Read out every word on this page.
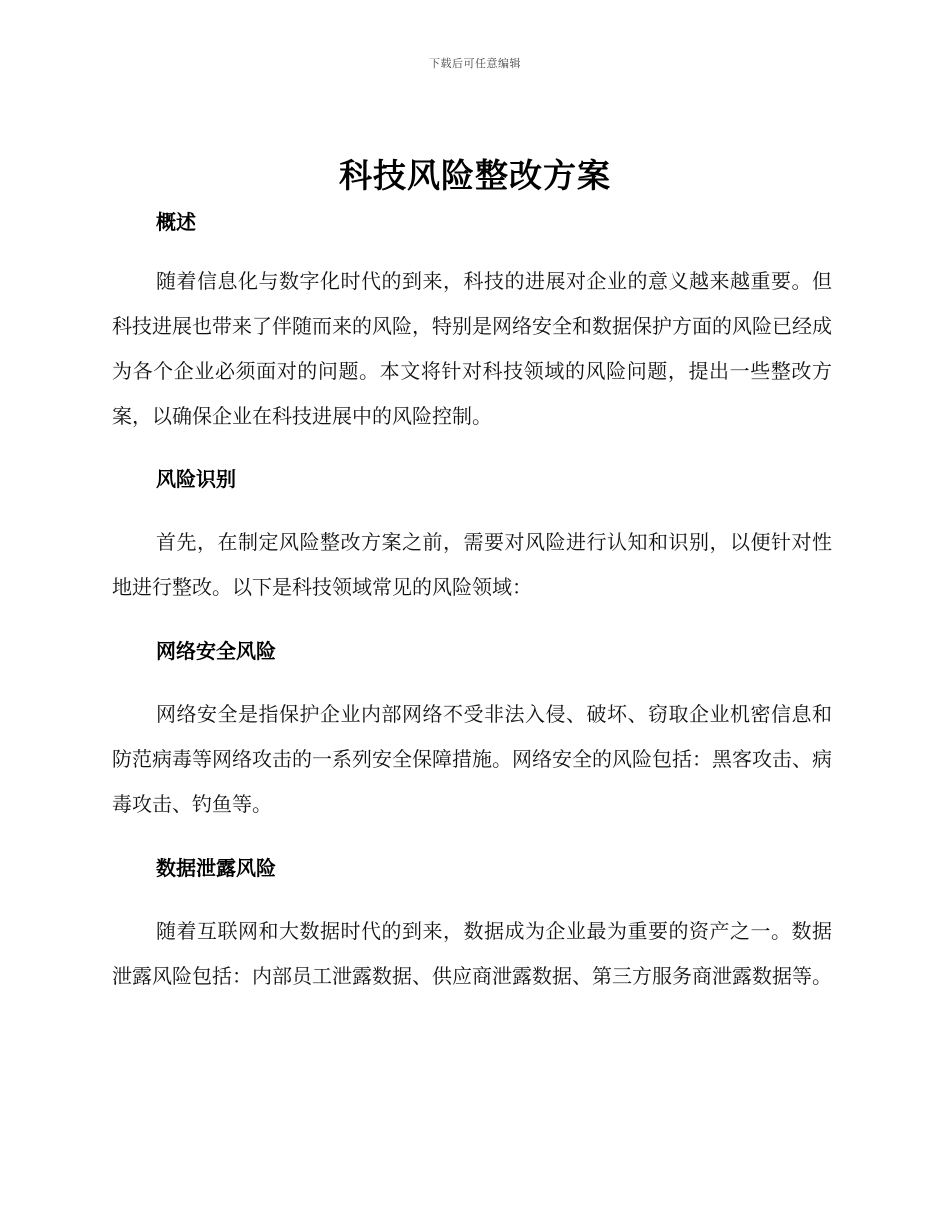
下载后可任意编辑
科技风险整改方案

概述

随着信息化与数字化时代的到来，科技的进展对企业的意义越来越重要。但科技进展也带来了伴随而来的风险，特别是网络安全和数据保护方面的风险已经成为各个企业必须面对的问题。本文将针对科技领域的风险问题，提出一些整改方案，以确保企业在科技进展中的风险控制。

风险识别

首先，在制定风险整改方案之前，需要对风险进行认知和识别，以便针对性地进行整改。以下是科技领域常见的风险领域：

网络安全风险

网络安全是指保护企业内部网络不受非法入侵、破坏、窃取企业机密信息和防范病毒等网络攻击的一系列安全保障措施。网络安全的风险包括：黑客攻击、病毒攻击、钓鱼等。

数据泄露风险

随着互联网和大数据时代的到来，数据成为企业最为重要的资产之一。数据泄露风险包括：内部员工泄露数据、供应商泄露数据、第三方服务商泄露数据等。
